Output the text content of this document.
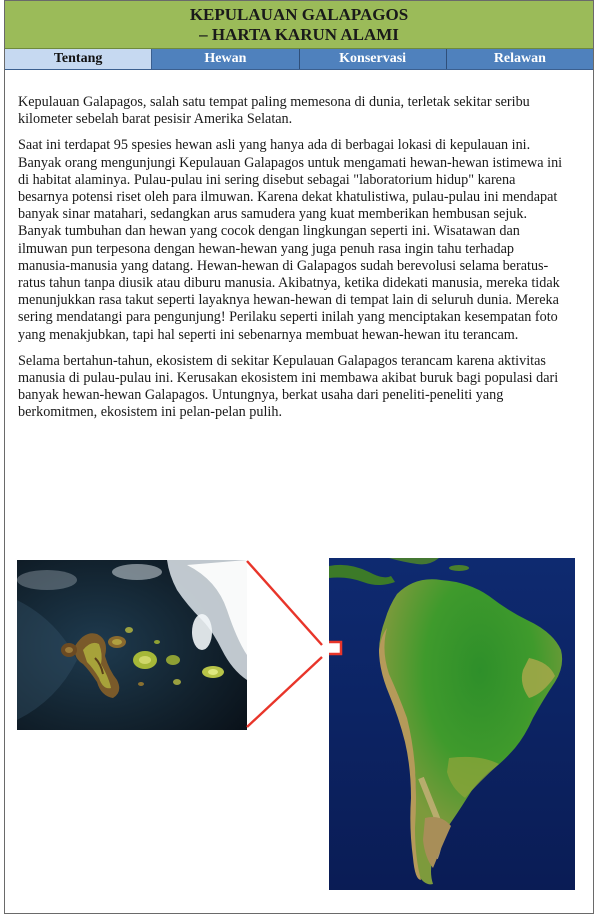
KEPULAUAN GALAPAGOS
– HARTA KARUN ALAMI
Tentang	Hewan	Konservasi	Relawan

Kepulauan Galapagos, salah satu tempat paling memesona di dunia, terletak sekitar seribu kilometer sebelah barat pesisir Amerika Selatan.

Saat ini terdapat 95 spesies hewan asli yang hanya ada di berbagai lokasi di kepulauan ini. Banyak orang mengunjungi Kepulauan Galapagos untuk mengamati hewan-hewan istimewa ini di habitat alaminya. Pulau-pulau ini sering disebut sebagai "laboratorium hidup" karena besarnya potensi riset oleh para ilmuwan. Karena dekat khatulistiwa, pulau-pulau ini mendapat banyak sinar matahari, sedangkan arus samudera yang kuat memberikan hembusan sejuk. Banyak tumbuhan dan hewan yang cocok dengan lingkungan seperti ini. Wisatawan dan ilmuwan pun terpesona dengan hewan-hewan yang juga penuh rasa ingin tahu terhadap manusia-manusia yang datang. Hewan-hewan di Galapagos sudah berevolusi selama beratus-ratus tahun tanpa diusik atau diburu manusia. Akibatnya, ketika didekati manusia, mereka tidak menunjukkan rasa takut seperti layaknya hewan-hewan di tempat lain di seluruh dunia. Mereka sering mendatangi para pengunjung! Perilaku seperti inilah yang menciptakan kesempatan foto yang menakjubkan, tapi hal seperti ini sebenarnya membuat hewan-hewan itu terancam.

Selama bertahun-tahun, ekosistem di sekitar Kepulauan Galapagos terancam karena aktivitas manusia di pulau-pulau ini. Kerusakan ekosistem ini membawa akibat buruk bagi populasi dari banyak hewan-hewan Galapagos. Untungnya, berkat usaha dari peneliti-peneliti yang berkomitmen, ekosistem ini pelan-pelan pulih.
